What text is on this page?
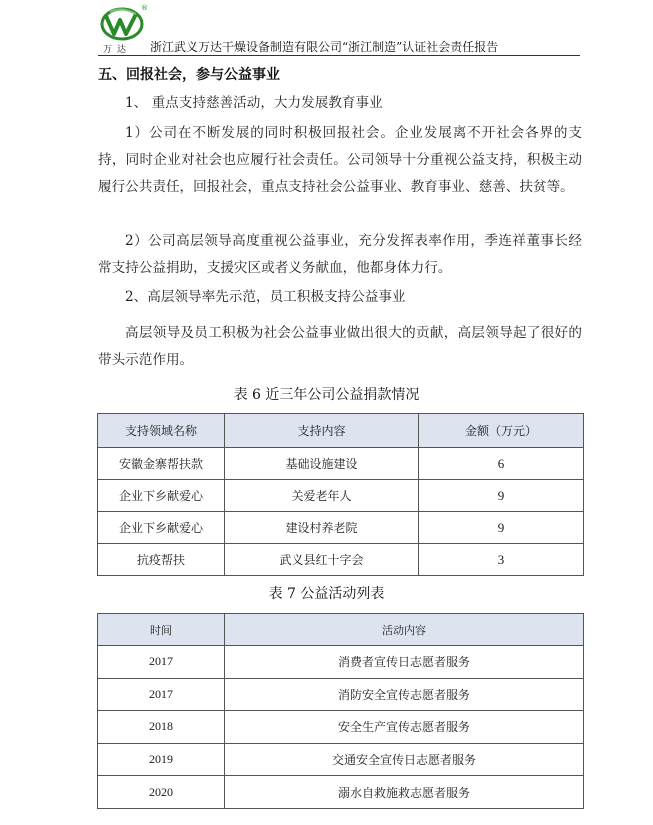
®
万达 浙江武义万达干燥设备制造有限公司“浙江制造”认证社会责任报告
五、回报社会，参与公益事业
1、 重点支持慈善活动，大力发展教育事业
1）公司在不断发展的同时积极回报社会。企业发展离不开社会各界的支持，同时企业对社会也应履行社会责任。公司领导十分重视公益支持，积极主动履行公共责任，回报社会，重点支持社会公益事业、教育事业、慈善、扶贫等。
2）公司高层领导高度重视公益事业，充分发挥表率作用，季连祥董事长经常支持公益捐助，支援灾区或者义务献血，他都身体力行。
2、高层领导率先示范，员工积极支持公益事业
高层领导及员工积极为社会公益事业做出很大的贡献，高层领导起了很好的带头示范作用。
表 6 近三年公司公益捐款情况
支持领域名称	支持内容	金额（万元）
安徽金寨帮扶款	基础设施建设	6
企业下乡献爱心	关爱老年人	9
企业下乡献爱心	建设村养老院	9
抗疫帮扶	武义县红十字会	3
表 7 公益活动列表
时间	活动内容
2017	消费者宣传日志愿者服务
2017	消防安全宣传志愿者服务
2018	安全生产宣传志愿者服务
2019	交通安全宣传日志愿者服务
2020	溺水自救施救志愿者服务
